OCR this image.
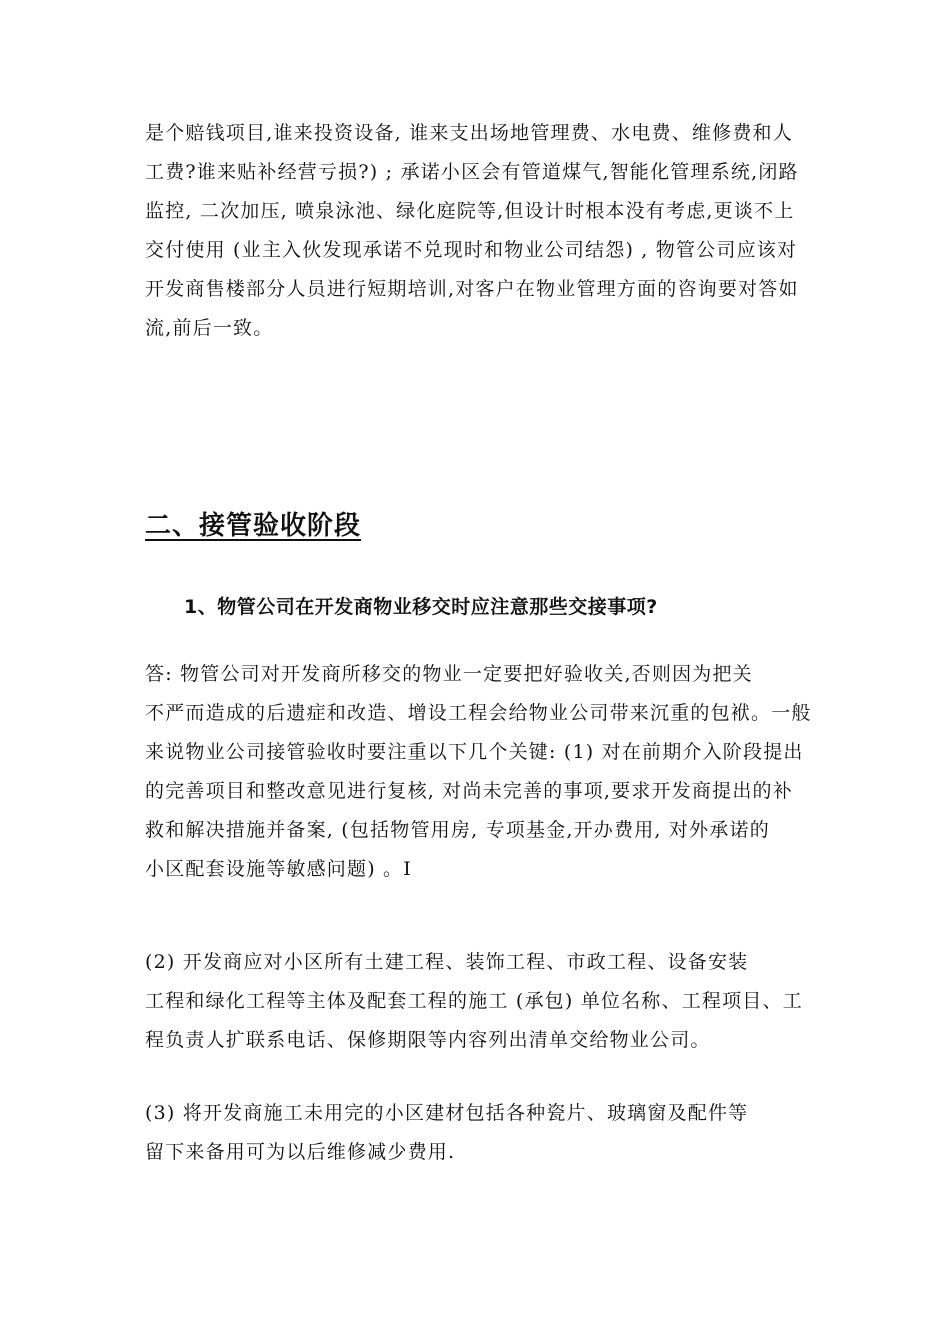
是个赔钱项目,谁来投资设备, 谁来支出场地管理费、水电费、维修费和人
工费?谁来贴补经营亏损?) ; 承诺小区会有管道煤气,智能化管理系统,闭路
监控, 二次加压, 喷泉泳池、绿化庭院等,但设计时根本没有考虑,更谈不上
交付使用 (业主入伙发现承诺不兑现时和物业公司结怨) , 物管公司应该对
开发商售楼部分人员进行短期培训,对客户在物业管理方面的咨询要对答如
流,前后一致。
二、接管验收阶段
1、物管公司在开发商物业移交时应注意那些交接事项?
答: 物管公司对开发商所移交的物业一定要把好验收关,否则因为把关
不严而造成的后遗症和改造、增设工程会给物业公司带来沉重的包袱。一般
来说物业公司接管验收时要注重以下几个关键: (1) 对在前期介入阶段提出
的完善项目和整改意见进行复核, 对尚未完善的事项,要求开发商提出的补
救和解决措施并备案, (包括物管用房, 专项基金,开办费用, 对外承诺的
小区配套设施等敏感问题) 。I
(2) 开发商应对小区所有土建工程、装饰工程、市政工程、设备安装
工程和绿化工程等主体及配套工程的施工 (承包) 单位名称、工程项目、工
程负责人扩联系电话、保修期限等内容列出清单交给物业公司。
(3) 将开发商施工未用完的小区建材包括各种瓷片、玻璃窗及配件等
留下来备用可为以后维修减少费用.
